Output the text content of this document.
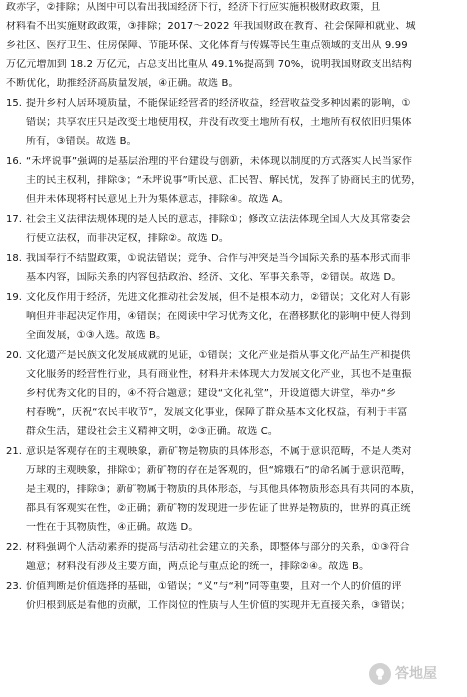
政赤字，②排除；从图中可以看出我国经济下行，经济下行应实施积极财政政策，且
材料看不出实施财政政策，③排除；2017～2022 年我国财政在教育、社会保障和就业、城
乡社区、医疗卫生、住房保障、节能环保、文化体育与传媒等民生重点领域的支出从 9.99
万亿元增加到 18.2 万亿元，占总支出比重从 49.1%提高到 70%，说明我国财政支出结构
不断优化，助推经济高质量发展，④正确。故选 B。
15. 提升乡村人居环境质量，不能保证经营者的经济收益，经营收益受多种因素的影响，①
错误；共享农庄只是改变土地使用权，并没有改变土地所有权，土地所有权依旧归集体
所有，③错误。故选 B。
16. “禾坪说事”强调的是基层治理的平台建设与创新，未体现以制度的方式落实人民当家作
主的民主权利，排除③；“禾坪说事”听民意、汇民智、解民忧，发挥了协商民主的优势，
但并未体现将村民意见上升为集体意志，排除④。故选 A。
17. 社会主义法律法规体现的是人民的意志，排除①；修改立法法体现全国人大及其常委会
行使立法权，而非决定权，排除②。故选 D。
18. 我国奉行不结盟政策，①说法错误；竞争、合作与冲突是当今国际关系的基本形式而非
基本内容，国际关系的内容包括政治、经济、文化、军事关系等，②错误。故选 D。
19. 文化反作用于经济，先进文化推动社会发展，但不是根本动力，②错误；文化对人有影
响但并非起决定作用，④错误；在阅读中学习优秀文化，在潜移默化的影响中使人得到
全面发展，①③入选。故选 B。
20. 文化遗产是民族文化发展成就的见证，①错误；文化产业是指从事文化产品生产和提供
文化服务的经营性行业，具有商业性，材料并未体现大力发展文化产业，其也不是重振
乡村优秀文化的目的，④不符合题意；建设“文化礼堂”，开设道德大讲堂，举办“乡
村春晚”，庆祝“农民丰收节”，发展文化事业，保障了群众基本文化权益，有利于丰富
群众生活，建设社会主义精神文明，②③正确。故选 C。
21. 意识是客观存在的主观映象，新矿物是物质的具体形态，不属于意识范畴，不是人类对
万球的主观映象，排除①；新矿物的存在是客观的，但“嫦娥石”的命名属于意识范畴，
是主观的，排除③；新矿物属于物质的具体形态，与其他具体物质形态具有共同的本质，
都具有客观实在性，②正确；新矿物的发现进一步佐证了世界是物质的，世界的真正统
一性在于其物质性，④正确。故选 D。
22. 材料强调个人活动素养的提高与活动社会建立的关系，即整体与部分的关系，①③符合
题意；材料没有涉及主要方面，两点论与重点论的统一，排除②④。故选 B。
23. 价值判断是价值选择的基础，①错误；“义”与“利”同等重要，且对一个人的价值的评
价归根到底是看他的贡献，工作岗位的性质与人生价值的实现并无直接关系，③错误；
答地屋
